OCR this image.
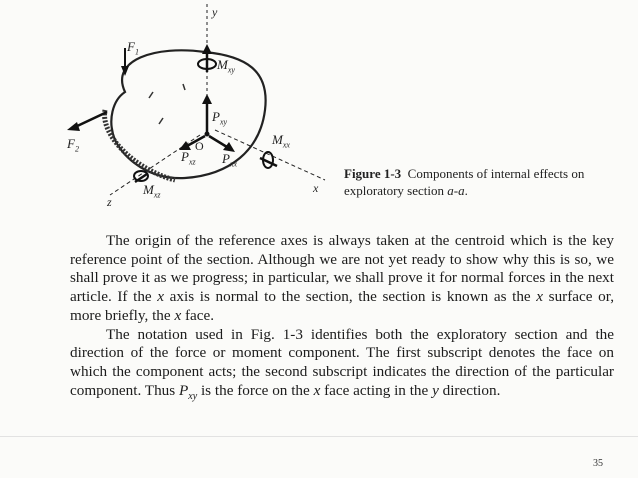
$F_1$
$F_2$
y
x
z
O
$M_{xy}$
$P_{xy}$
$M_{xx}$
$P_{xz}$ $P_{xx}$
$M_{xz}$
Figure 1-3 Components of internal effects on exploratory section a-a.

The origin of the reference axes is always taken at the centroid which is the key reference point of the section. Although we are not yet ready to show why this is so, we shall prove it as we progress; in particular, we shall prove it for normal forces in the next article. If the x axis is normal to the section, the section is known as the x surface or, more briefly, the x face.

The notation used in Fig. 1-3 identifies both the exploratory section and the direction of the force or moment component. The first subscript denotes the face on which the component acts; the second subscript indicates the direction of the particular component. Thus $P_{xy}$ is the force on the x face acting in the y direction.

35
